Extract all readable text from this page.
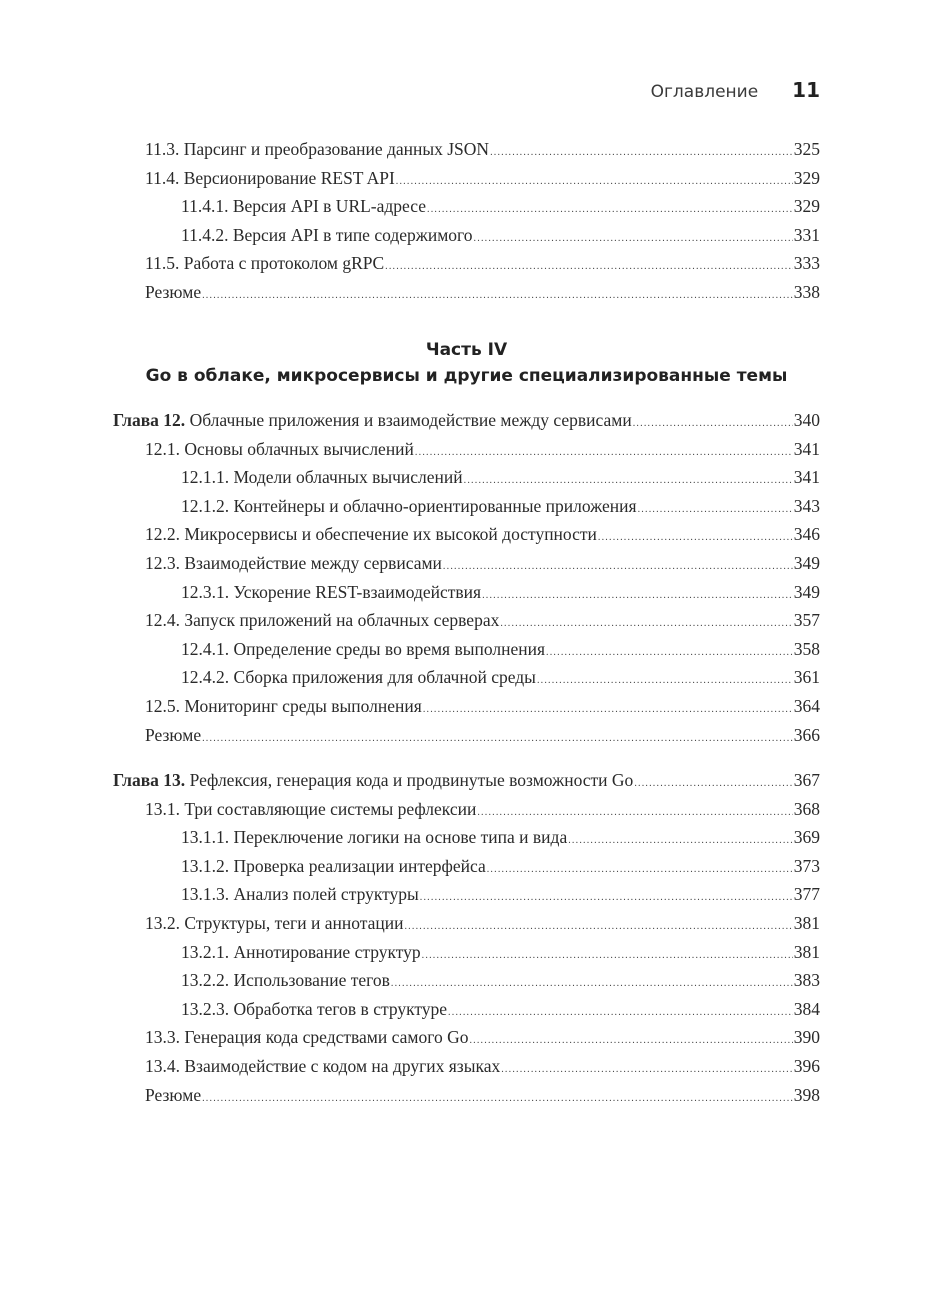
Оглавление 11
11.3. Парсинг и преобразование данных JSON .....	325
11.4. Версионирование REST API .....	329
11.4.1. Версия API в URL-адресе .....	329
11.4.2. Версия API в типе содержимого .....	331
11.5. Работа с протоколом gRPC .....	333
Резюме .....	338
Часть IV
Go в облаке, микросервисы и другие специализированные темы
Глава 12. Облачные приложения и взаимодействие между сервисами .....	340
12.1. Основы облачных вычислений .....	341
12.1.1. Модели облачных вычислений .....	341
12.1.2. Контейнеры и облачно-ориентированные приложения .....	343
12.2. Микросервисы и обеспечение их высокой доступности .....	346
12.3. Взаимодействие между сервисами .....	349
12.3.1. Ускорение REST-взаимодействия .....	349
12.4. Запуск приложений на облачных серверах .....	357
12.4.1. Определение среды во время выполнения .....	358
12.4.2. Сборка приложения для облачной среды .....	361
12.5. Мониторинг среды выполнения .....	364
Резюме .....	366
Глава 13. Рефлексия, генерация кода и продвинутые возможности Go .....	367
13.1. Три составляющие системы рефлексии .....	368
13.1.1. Переключение логики на основе типа и вида .....	369
13.1.2. Проверка реализации интерфейса .....	373
13.1.3. Анализ полей структуры .....	377
13.2. Структуры, теги и аннотации .....	381
13.2.1. Аннотирование структур .....	381
13.2.2. Использование тегов .....	383
13.2.3. Обработка тегов в структуре .....	384
13.3. Генерация кода средствами самого Go .....	390
13.4. Взаимодействие с кодом на других языках .....	396
Резюме .....	398
